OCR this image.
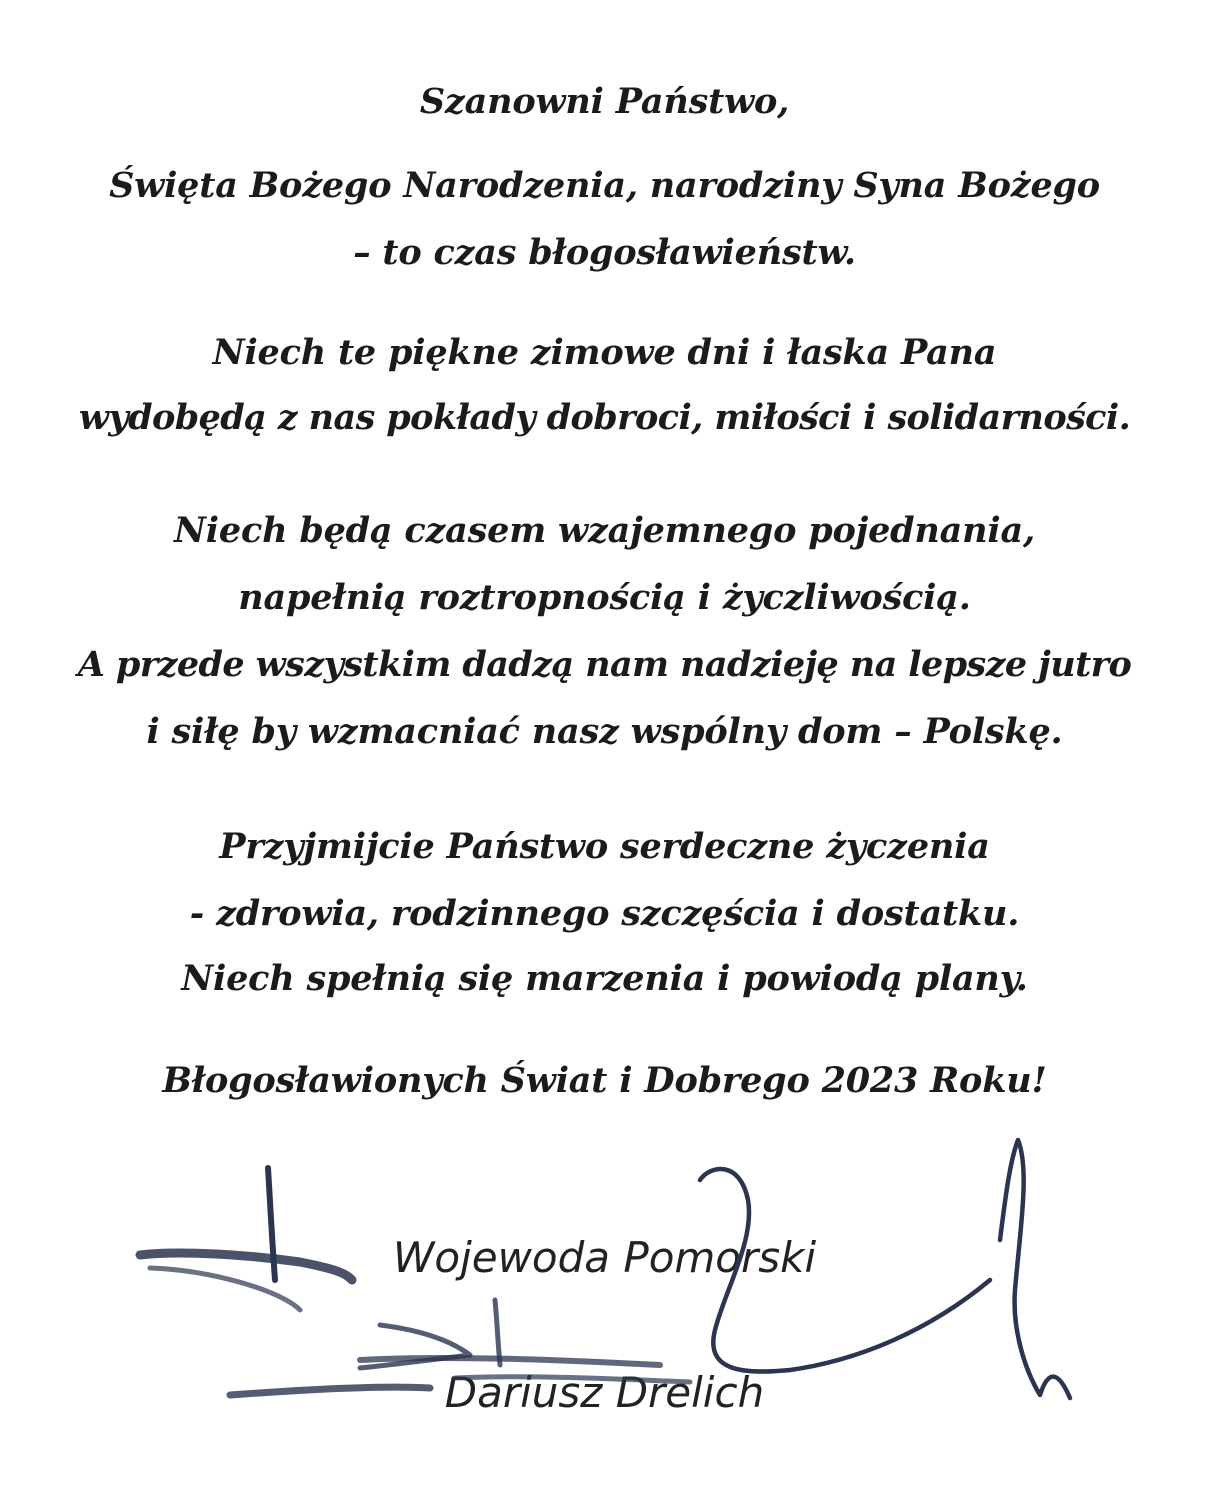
Szanowni Państwo,
Święta Bożego Narodzenia, narodziny Syna Bożego
– to czas błogosławieństw.
Niech te piękne zimowe dni i łaska Pana
wydobędą z nas pokłady dobroci, miłości i solidarności.
Niech będą czasem wzajemnego pojednania,
napełnią roztropnością i życzliwością.
A przede wszystkim dadzą nam nadzieję na lepsze jutro
i siłę by wzmacniać nasz wspólny dom – Polskę.
Przyjmijcie Państwo serdeczne życzenia
- zdrowia, rodzinnego szczęścia i dostatku.
Niech spełnią się marzenia i powiodą plany.
Błogosławionych Świat i Dobrego 2023 Roku!
Wojewoda Pomorski
Dariusz Drelich
